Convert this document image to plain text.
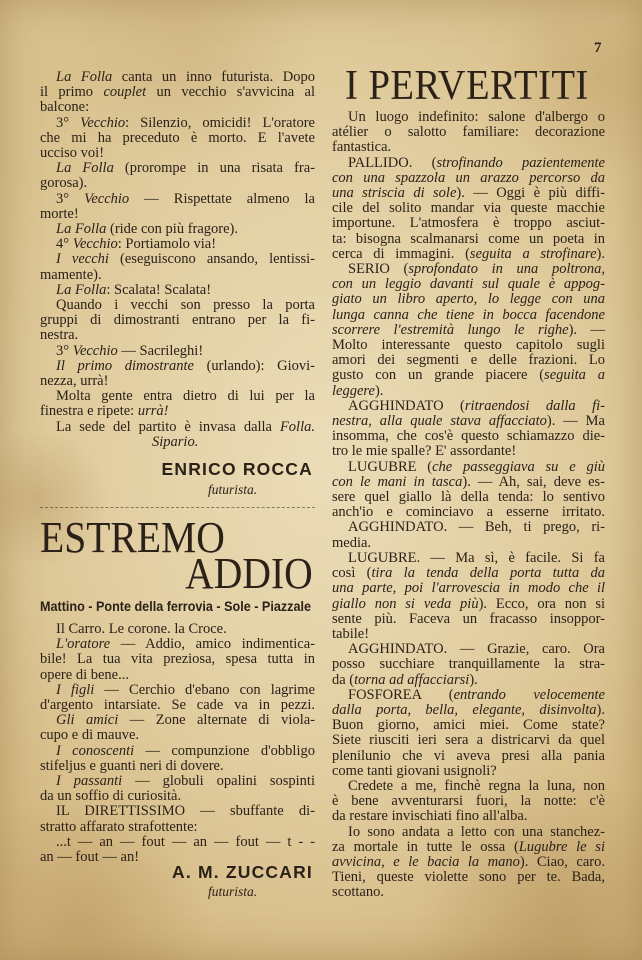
7
La Folla canta un inno futurista. Dopo
il primo couplet un vecchio s'avvicina al
balcone:
3° Vecchio: Silenzio, omicidi! L'oratore
che mi ha preceduto è morto. E l'avete
ucciso voi!
La Folla (prorompe in una risata fra-
gorosa).
3° Vecchio — Rispettate almeno la
morte!
La Folla (ride con più fragore).
4° Vecchio: Portiamolo via!
I vecchi (eseguiscono ansando, lentissi-
mamente).
La Folla: Scalata! Scalata!
Quando i vecchi son presso la porta
gruppi di dimostranti entrano per la fi-
nestra.
3° Vecchio — Sacrileghi!
Il primo dimostrante (urlando): Giovi-
nezza, urrà!
Molta gente entra dietro di lui per la
finestra e ripete: urrà!
La sede del partito è invasa dalla Folla.
Sipario.
ENRICO ROCCA
futurista.
ESTREMO
ADDIO
Mattino - Ponte della ferrovia - Sole - Piazzale
Il Carro. Le corone. la Croce.
L'oratore — Addio, amico indimentica-
bile! La tua vita preziosa, spesa tutta in
opere di bene...
I figli — Cerchio d'ebano con lagrime
d'argento intarsiate. Se cade va in pezzi.
Gli amici — Zone alternate di viola-
cupo e di mauve.
I conoscenti — compunzione d'obbligo
stifeljus e guanti neri di dovere.
I passanti — globuli opalini sospinti
da un soffio di curiosità.
IL DIRETTISSIMO — sbuffante di-
stratto affarato strafottente:
...t — an — fout — an — fout — t - -
an — fout — an!
A. M. ZUCCARI
futurista.
I PERVERTITI
Un luogo indefinito: salone d'albergo o
atélier o salotto familiare: decorazione
fantastica.
PALLIDO. (strofinando pazientemente
con una spazzola un arazzo percorso da
una striscia di sole). — Oggi è più diffi-
cile del solito mandar via queste macchie
importune. L'atmosfera è troppo asciut-
ta: bisogna scalmanarsi come un poeta in
cerca di immagini. (seguita a strofinare).
SERIO (sprofondato in una poltrona,
con un leggio davanti sul quale è appog-
giato un libro aperto, lo legge con una
lunga canna che tiene in bocca facendone
scorrere l'estremità lungo le righe). —
Molto interessante questo capitolo sugli
amori dei segmenti e delle frazioni. Lo
gusto con un grande piacere (seguita a
leggere).
AGGHINDATO (ritraendosi dalla fi-
nestra, alla quale stava affacciato). — Ma
insomma, che cos'è questo schiamazzo die-
tro le mie spalle? E' assordante!
LUGUBRE (che passeggiava su e giù
con le mani in tasca). — Ah, sai, deve es-
sere quel giallo là della tenda: lo sentivo
anch'io e cominciavo a esserne irritato.
AGGHINDATO. — Beh, ti prego, ri-
media.
LUGUBRE. — Ma sì, è facile. Si fa
così (tira la tenda della porta tutta da
una parte, poi l'arrovescia in modo che il
giallo non si veda più). Ecco, ora non si
sente più. Faceva un fracasso insoppor-
tabile!
AGGHINDATO. — Grazie, caro. Ora
posso succhiare tranquillamente la stra-
da (torna ad affacciarsi).
FOSFOREA (entrando velocemente
dalla porta, bella, elegante, disinvolta).
Buon giorno, amici miei. Come state?
Siete riusciti ieri sera a districarvi da quel
plenilunio che vi aveva presi alla pania
come tanti giovani usignoli?
Credete a me, finchè regna la luna, non
è bene avventurarsi fuori, la notte: c'è
da restare invischiati fino all'alba.
Io sono andata a letto con una stanchez-
za mortale in tutte le ossa (Lugubre le si
avvicina, e le bacia la mano). Ciao, caro.
Tieni, queste violette sono per te. Bada,
scottano.
